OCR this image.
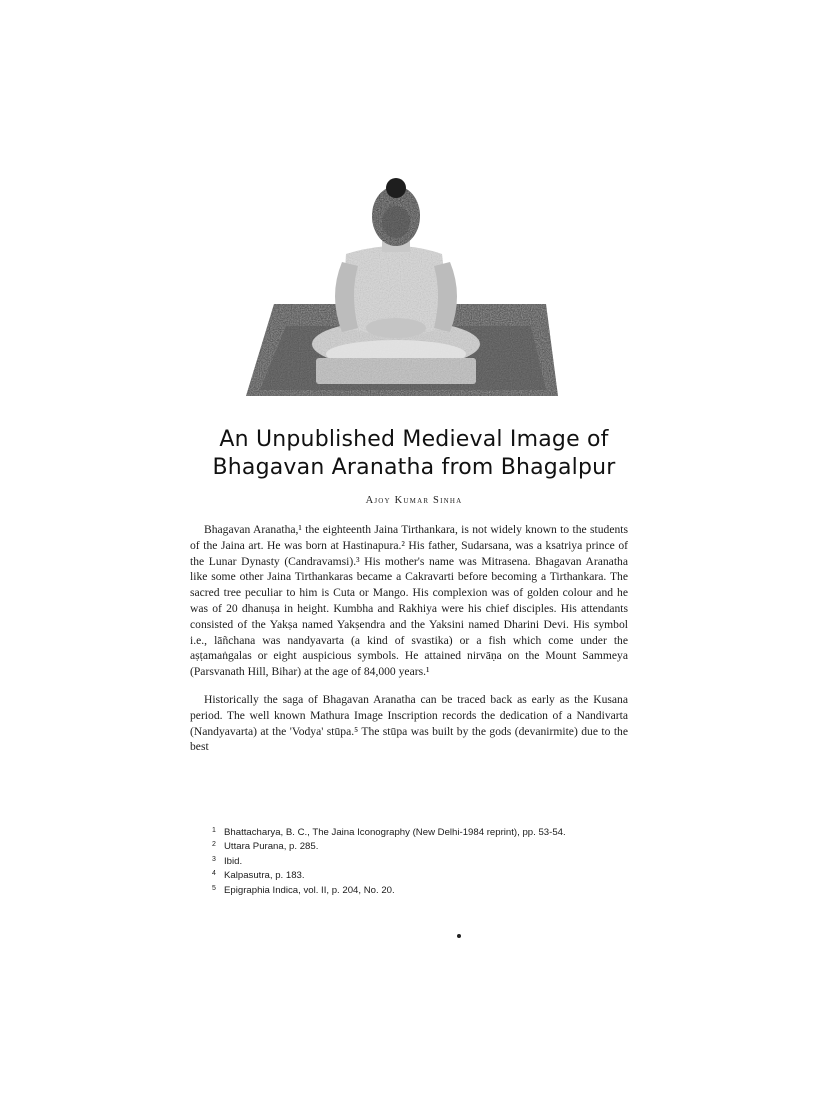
An Unpublished Medieval Image of
Bhagavan Aranatha from Bhagalpur
Ajoy Kumar Sinha

Bhagavan Aranatha,¹ the eighteenth Jaina Tirthankara, is not widely known to the students of the Jaina art. He was born at Hastinapura.² His father, Sudarsana, was a ksatriya prince of the Lunar Dynasty (Candravamsi).³ His mother's name was Mitrasena. Bhagavan Aranatha like some other Jaina Tirthankaras became a Cakravarti before becoming a Tirthankara. The sacred tree peculiar to him is Cuta or Mango. His complexion was of golden colour and he was of 20 dhanuṣa in height. Kumbha and Rakhiya were his chief disciples. His attendants consisted of the Yakṣa named Yakṣendra and the Yaksini named Dharini Devi. His symbol i.e., lāñchana was nandyavarta (a kind of svastika) or a fish which come under the aṣṭamaṅgalas or eight auspicious symbols. He attained nirvāṇa on the Mount Sammeya (Parsvanath Hill, Bihar) at the age of 84,000 years.¹

Historically the saga of Bhagavan Aranatha can be traced back as early as the Kusana period. The well known Mathura Image Inscription records the dedication of a Nandivarta (Nandyavarta) at the 'Vodya' stūpa.⁵ The stūpa was built by the gods (devanirmite) due to the best

1 Bhattacharya, B. C., The Jaina Iconography (New Delhi-1984 reprint), pp. 53-54.
2 Uttara Purana, p. 285.
3 Ibid.
4 Kalpasutra, p. 183.
5 Epigraphia Indica, vol. II, p. 204, No. 20.
